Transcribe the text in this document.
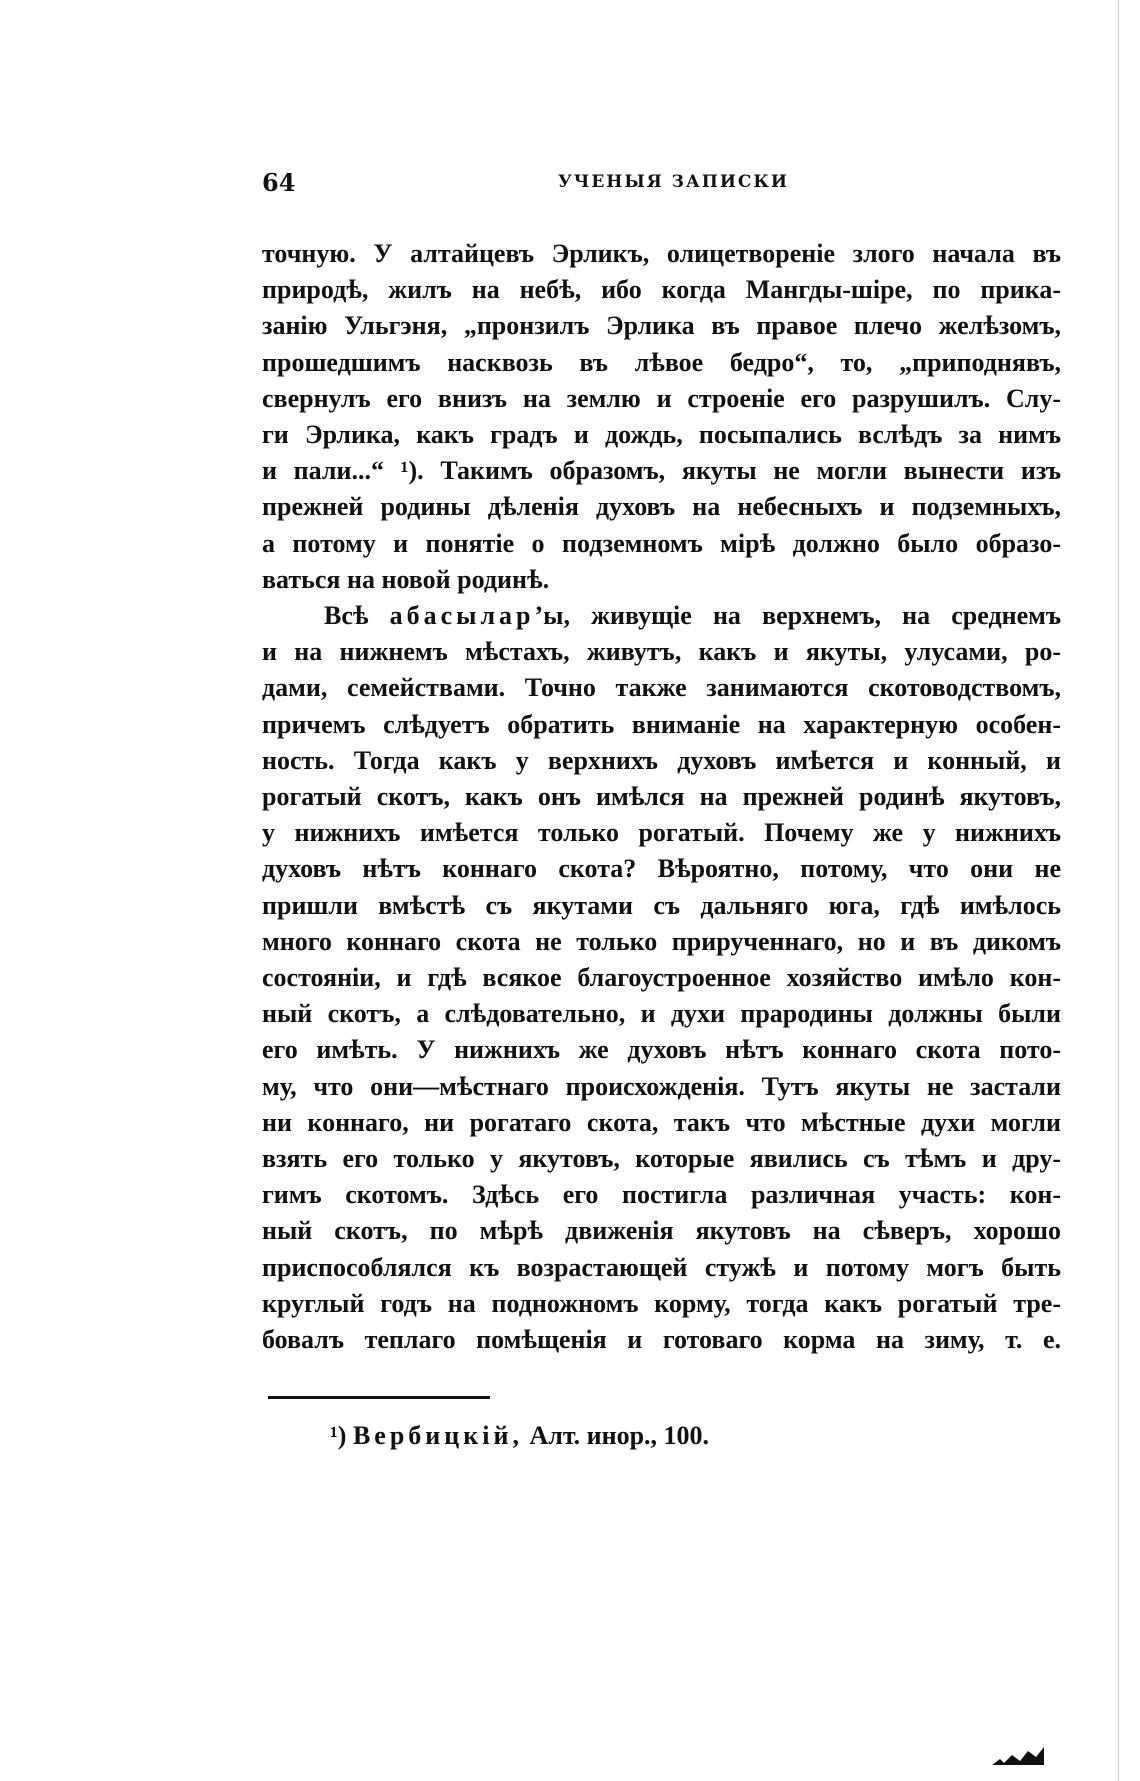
64	УЧЕНЫЯ ЗАПИСКИ

точную. У алтайцевъ Эрликъ, олицетвореніе злого начала въ
природѣ, жилъ на небѣ, ибо когда Мангды-шіре, по прика-
занію Ульгэня, „пронзилъ Эрлика въ правое плечо желѣзомъ,
прошедшимъ насквозь въ лѣвое бедро“, то, „приподнявъ,
свернулъ его внизъ на землю и строеніе его разрушилъ. Слу-
ги Эрлика, какъ градъ и дождь, посыпались вслѣдъ за нимъ
и пали...“ ¹). Такимъ образомъ, якуты не могли вынести изъ
прежней родины дѣленія духовъ на небесныхъ и подземныхъ,
а потому и понятіе о подземномъ мірѣ должно было образо-
ваться на новой родинѣ.

Всѣ абасылар’ы, живущіе на верхнемъ, на среднемъ
и на нижнемъ мѣстахъ, живутъ, какъ и якуты, улусами, ро-
дами, семействами. Точно также занимаются скотоводствомъ,
причемъ слѣдуетъ обратить вниманіе на характерную особен-
ность. Тогда какъ у верхнихъ духовъ имѣется и конный, и
рогатый скотъ, какъ онъ имѣлся на прежней родинѣ якутовъ,
у нижнихъ имѣется только рогатый. Почему же у нижнихъ
духовъ нѣтъ коннаго скота? Вѣроятно, потому, что они не
пришли вмѣстѣ съ якутами съ дальняго юга, гдѣ имѣлось
много коннаго скота не только прирученнаго, но и въ дикомъ
состояніи, и гдѣ всякое благоустроенное хозяйство имѣло кон-
ный скотъ, а слѣдовательно, и духи прародины должны были
его имѣть. У нижнихъ же духовъ нѣтъ коннаго скота пото-
му, что они—мѣстнаго происхожденія. Тутъ якуты не застали
ни коннаго, ни рогатаго скота, такъ что мѣстные духи могли
взять его только у якутовъ, которые явились съ тѣмъ и дру-
гимъ скотомъ. Здѣсь его постигла различная участь: кон-
ный скотъ, по мѣрѣ движенія якутовъ на сѣверъ, хорошо
приспособлялся къ возрастающей стужѣ и потому могъ быть
круглый годъ на подножномъ корму, тогда какъ рогатый тре-
бовалъ теплаго помѣщенія и готоваго корма на зиму, т. е.

¹) Вербицкій, Алт. инор., 100.
